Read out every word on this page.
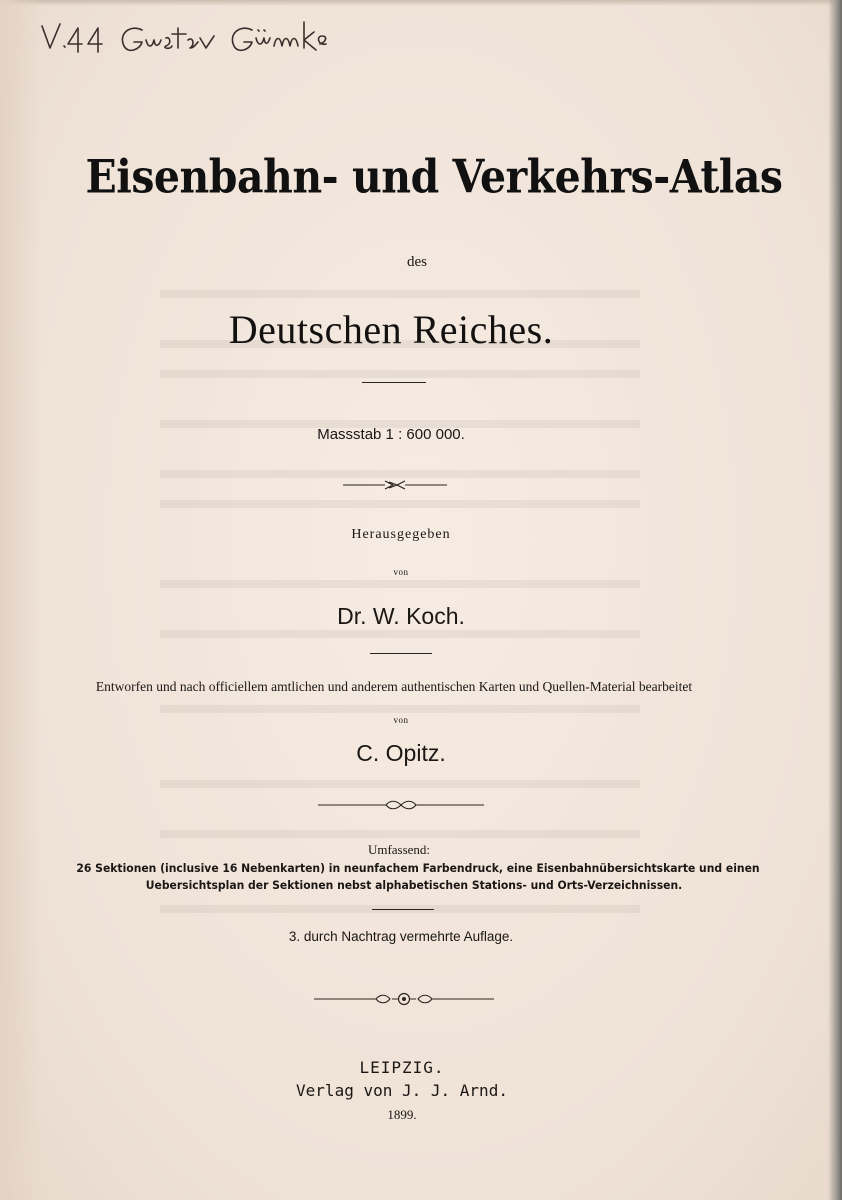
Eisenbahn- und Verkehrs-Atlas
des
Deutschen Reiches.
Massstab 1 : 600 000.
Herausgegeben
von
Dr. W. Koch.
Entworfen und nach officiellem amtlichen und anderem authentischen Karten und Quellen-Material bearbeitet
von
C. Opitz.
Umfassend:
26 Sektionen (inclusive 16 Nebenkarten) in neunfachem Farbendruck, eine Eisenbahnübersichtskarte und einen
Uebersichtsplan der Sektionen nebst alphabetischen Stations- und Orts-Verzeichnissen.
3. durch Nachtrag vermehrte Auflage.
LEIPZIG.
Verlag von J. J. Arnd.
1899.
